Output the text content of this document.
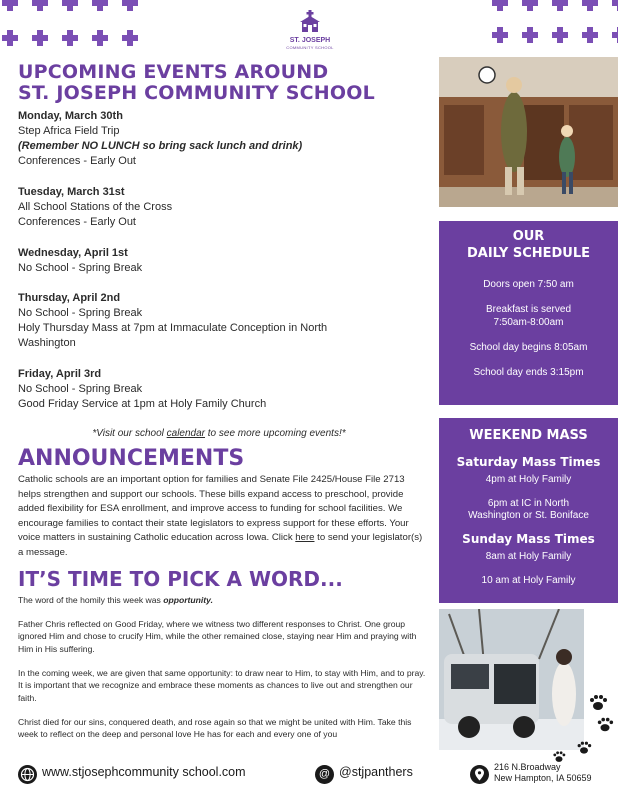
ST. JOSEPH
COMMUNITY SCHOOL
UPCOMING EVENTS AROUND
ST. JOSEPH COMMUNITY SCHOOL
Monday, March 30th
Step Africa Field Trip
(Remember NO LUNCH so bring sack lunch and drink)
Conferences - Early Out
Tuesday, March 31st
All School Stations of the Cross
Conferences - Early Out
Wednesday, April 1st
No School - Spring Break
Thursday, April 2nd
No School - Spring Break
Holy Thursday Mass at 7pm at Immaculate Conception in North Washington
Friday, April 3rd
No School - Spring Break
Good Friday Service at 1pm at Holy Family Church
*Visit our school calendar to see more upcoming events!*
ANNOUNCEMENTS
Catholic schools are an important option for families and Senate File 2425/House File 2713 helps strengthen and support our schools. These bills expand access to preschool, provide added flexibility for ESA enrollment, and improve access to funding for school facilities. We encourage families to contact their state legislators to express support for these efforts. Your voice matters in sustaining Catholic education across Iowa. Click here to send your legislator(s) a message.
IT’S TIME TO PICK A WORD...
The word of the homily this week was opportunity.
Father Chris reflected on Good Friday, where we witness two different responses to Christ. One group ignored Him and chose to crucify Him, while the other remained close, staying near Him and praying with Him in His suffering.
In the coming week, we are given that same opportunity: to draw near to Him, to stay with Him, and to pray. It is important that we recognize and embrace these moments as chances to live out and strengthen our faith.
Christ died for our sins, conquered death, and rose again so that we might be united with Him. Take this week to reflect on the deep and personal love He has for each and every one of you
OUR
DAILY SCHEDULE
Doors open 7:50 am
Breakfast is served
7:50am-8:00am
School day begins 8:05am
School day ends 3:15pm
WEEKEND MASS
Saturday Mass Times
4pm at Holy Family
6pm at IC in North
Washington or St. Boniface
Sunday Mass Times
8am at Holy Family
10 am at Holy Family
www.stjosephcommunity school.com	@ @stjpanthers	216 N.Broadway
New Hampton, IA 50659
